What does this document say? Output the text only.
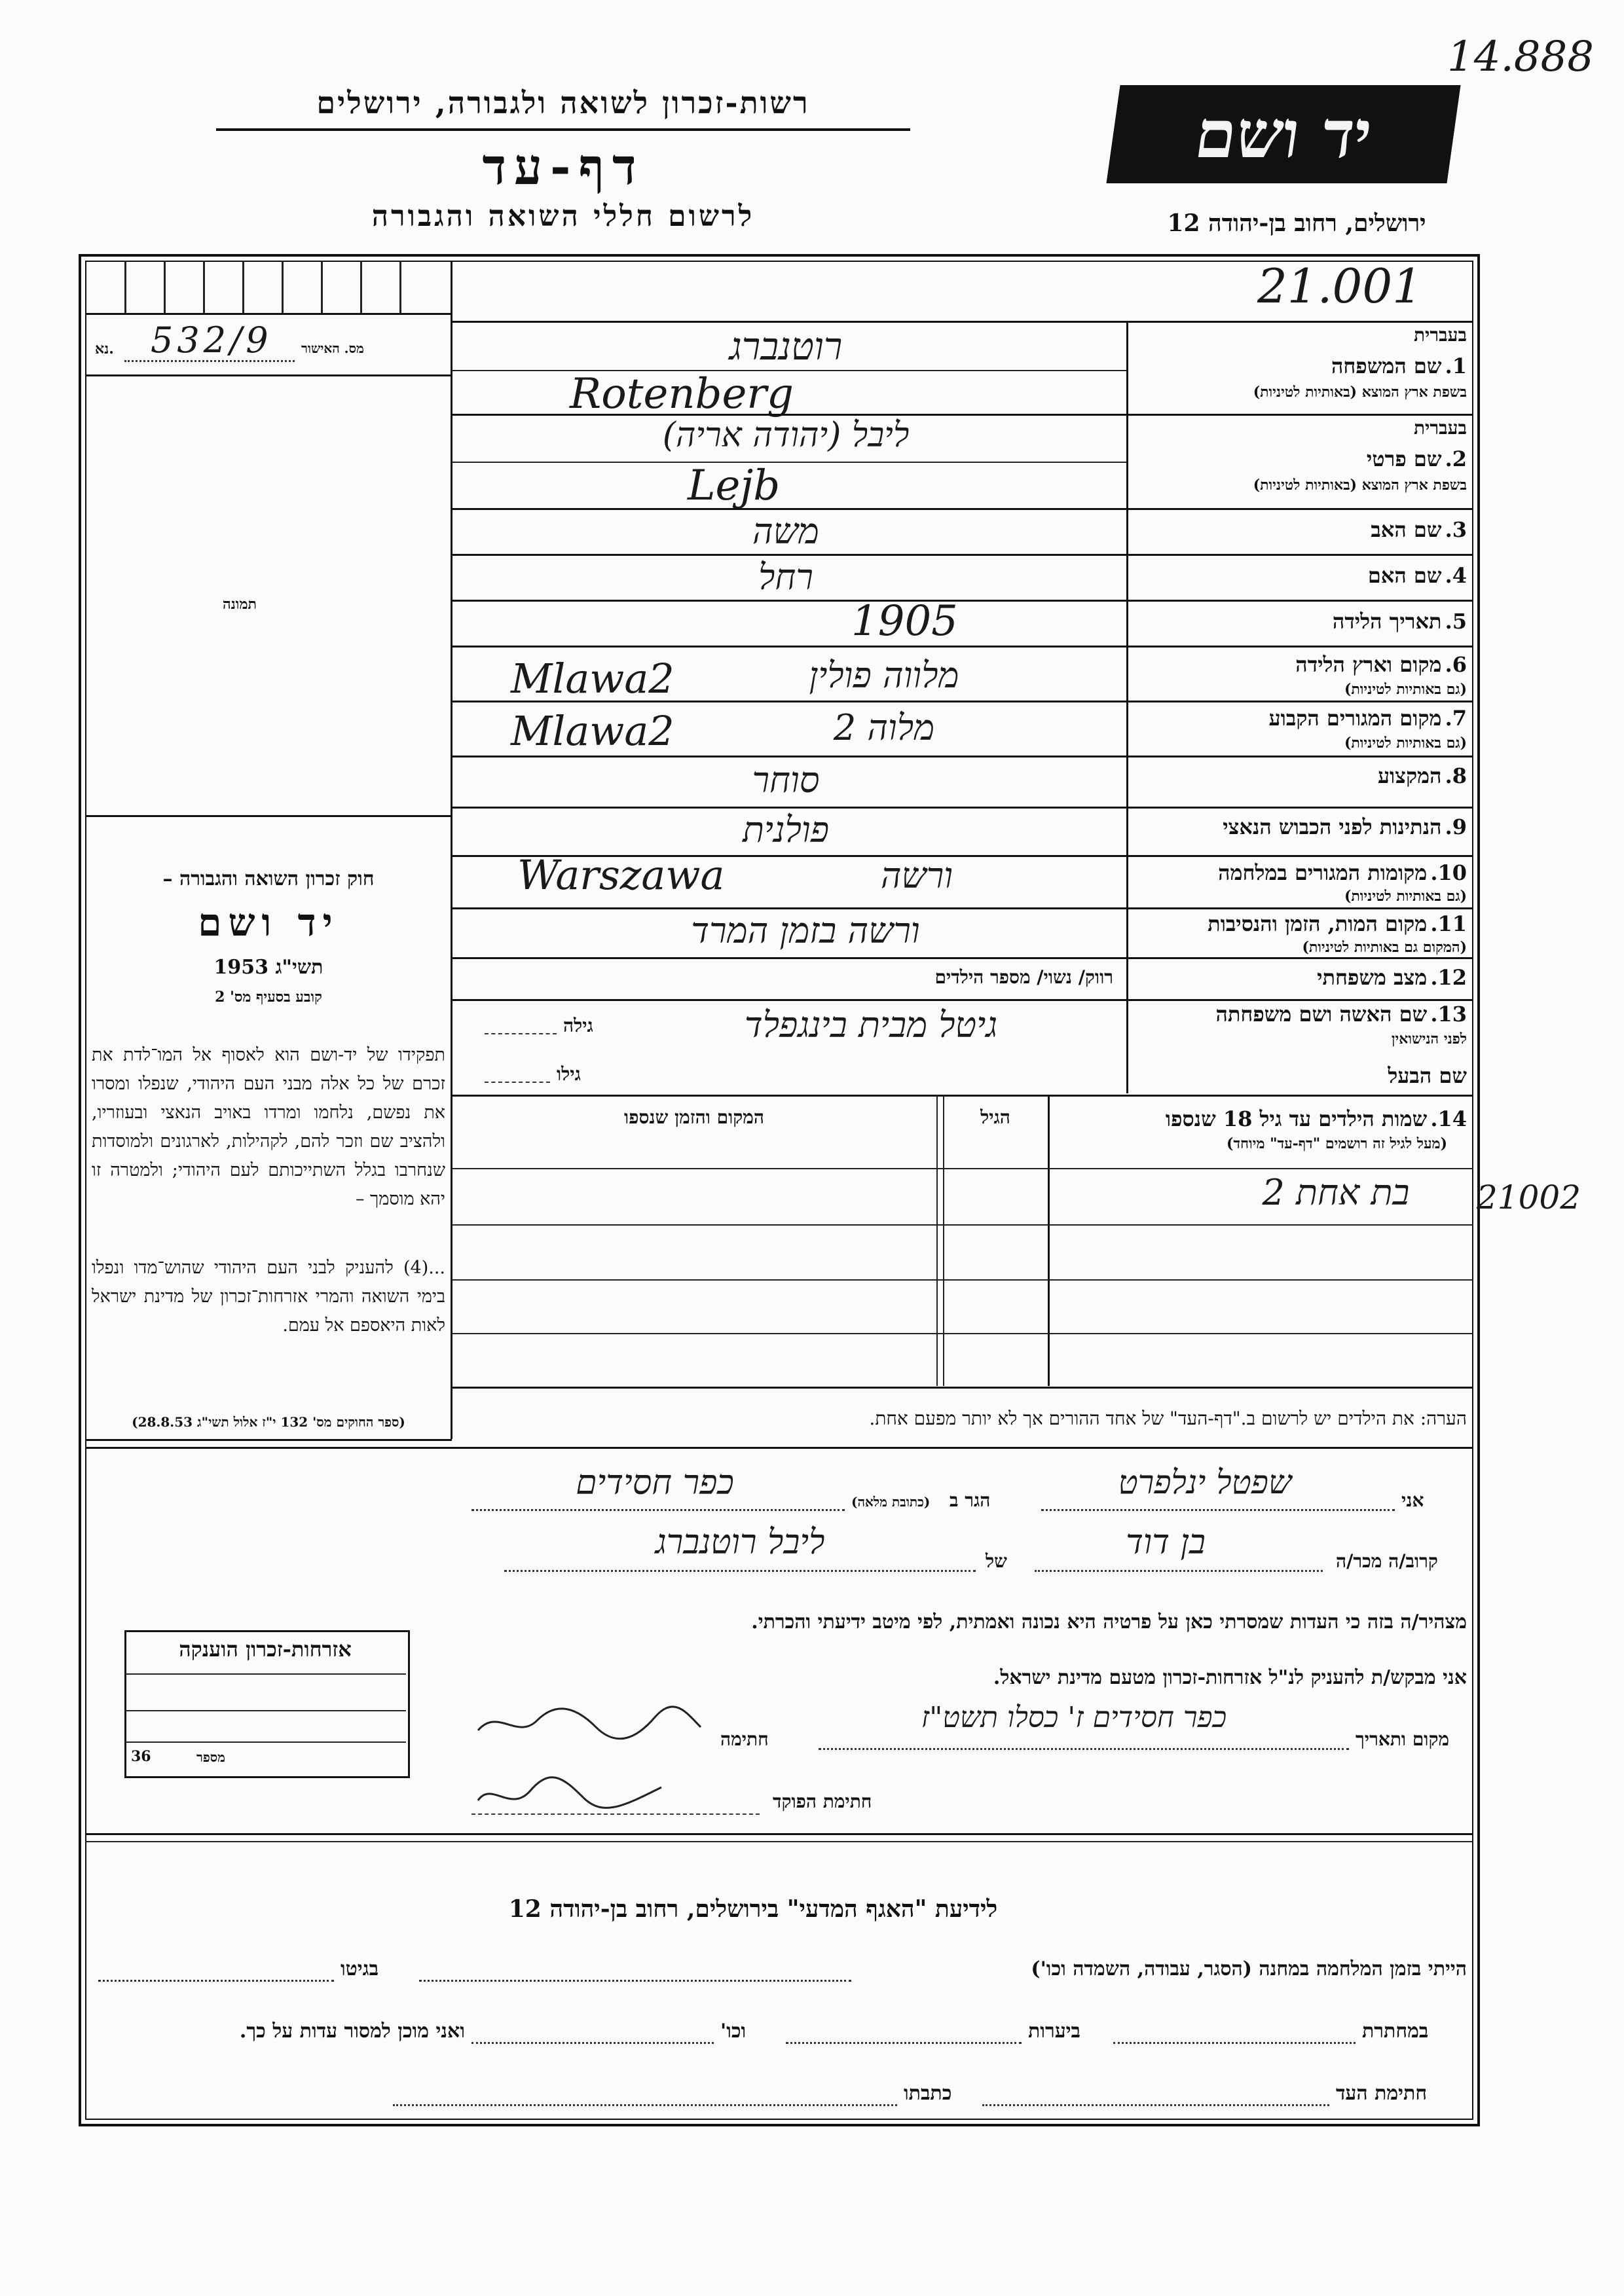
14.888
רשות-זכרון לשואה ולגבורה, ירושלים
דף-עד
לרשום חללי השואה והגבורה
יד ושם
ירושלים, רחוב בן-יהודה 12
מס. האישור
נא. 532/9
תמונה
חוק זכרון השואה והגבורה –
יד ושם
תשי"ג 1953
קובע בסעיף מס' 2
תפקידו של יד-ושם הוא לאסוף אל המו־לדת את זכרם של כל אלה מבני העם היהודי, שנפלו ומסרו את נפשם, נלחמו ומרדו באויב הנאצי ובעוזריו, ולהציב שם וזכר להם, לקהילות, לארגונים ולמוסדות שנחרבו בגלל השתייכותם לעם היהודי; ולמטרה זו יהא מוסמך –
...(4) להעניק לבני העם היהודי שהוש־מדו ונפלו בימי השואה והמרי אזרחות־זכרון של מדינת ישראל לאות היאספם אל עמם.
(ספר החוקים מס' 132 י"ז אלול תשי"ג 28.8.53)
21.001
בעברית
1. שם המשפחה
בשפת ארץ המוצא (באותיות לטיניות)
רוטנברג
Rotenberg
בעברית
2. שם פרטי
בשפת ארץ המוצא (באותיות לטיניות)
ליבל (יהודה אריה)
Lejb
3. שם האב
משה
4. שם האם
רחל
5. תאריך הלידה
1905
6. מקום וארץ הלידה
(גם באותיות לטיניות)
מלווה פולין
Mlawa2
7. מקום המגורים הקבוע
(גם באותיות לטיניות)
מלוה 2
Mlawa2
8. המקצוע
סוחר
9. הנתינות לפני הכבוש הנאצי
פולנית
10. מקומות המגורים במלחמה
(גם באותיות לטיניות)
ורשה
Warszawa
11. מקום המות, הזמן והנסיבות
(המקום גם באותיות לטיניות)
ורשה בזמן המרד
12. מצב משפחתי
רווק/ נשוי/ מספר הילדים
13. שם האשה ושם משפחתה
לפני הנישואין
גיטל מבית בינגפלד
גילה
שם הבעל
גילו
14. שמות הילדים עד גיל 18 שנספו
(מעל לגיל זה רושמים "דף-עד" מיוחד)
הגיל
המקום והזמן שנספו
בת אחת 2	21002
הערה: את הילדים יש לרשום ב."דף-העד" של אחד ההורים אך לא יותר מפעם אחת.
אני
שפטל ינלפרט
הגר ב
(כתובת מלאה)
כפר חסידים
קרוב/ה מכר/ה
בן דוד
של
ליבל רוטנברג
מצהיר/ה בזה כי העדות שמסרתי כאן על פרטיה היא נכונה ואמתית, לפי מיטב ידיעתי והכרתי.
אני מבקש/ת להעניק לנ"ל אזרחות-זכרון מטעם מדינת ישראל.
מקום ותאריך
כפר חסידים ז' כסלו תשט"ז
חתימה
חתימת הפוקד
אזרחות-זכרון הוענקה
מספר
36
לידיעת "האגף המדעי" בירושלים, רחוב בן-יהודה 12
הייתי בזמן המלחמה במחנה (הסגר, עבודה, השמדה וכו')
בגיטו
במחתרת
ביערות
וכו'
ואני מוכן למסור עדות על כך.
חתימת העד
כתבתו
